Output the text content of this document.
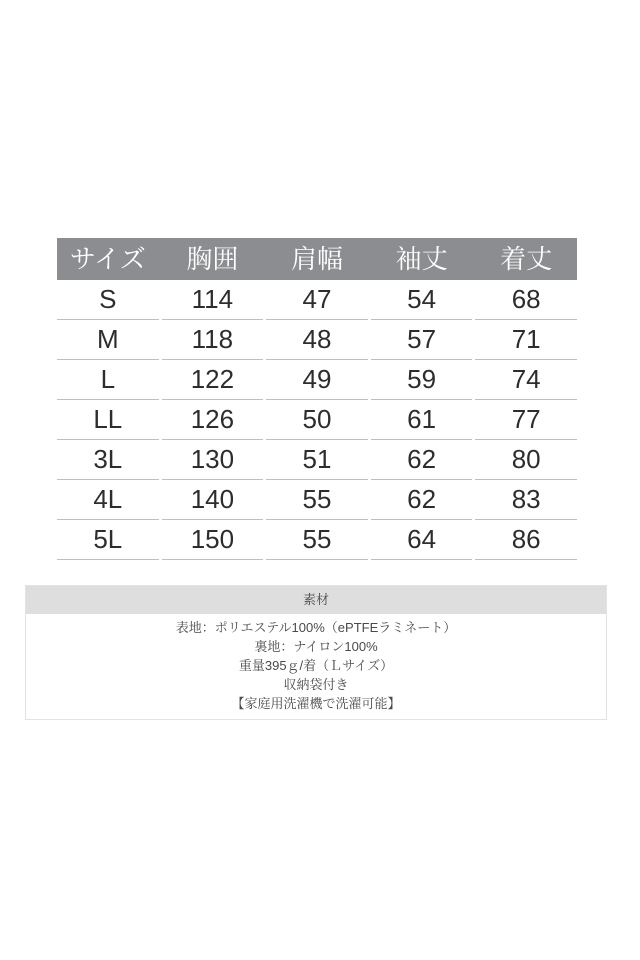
サイズ	胸囲	肩幅	袖丈	着丈
S	114	47	54	68
M	118	48	57	71
L	122	49	59	74
LL	126	50	61	77
3L	130	51	62	80
4L	140	55	62	83
5L	150	55	64	86
素材
表地：ポリエステル100%（ePTFEラミネート）
裏地：ナイロン100%
重量395ｇ/着（Ｌサイズ）
収納袋付き
【家庭用洗濯機で洗濯可能】
